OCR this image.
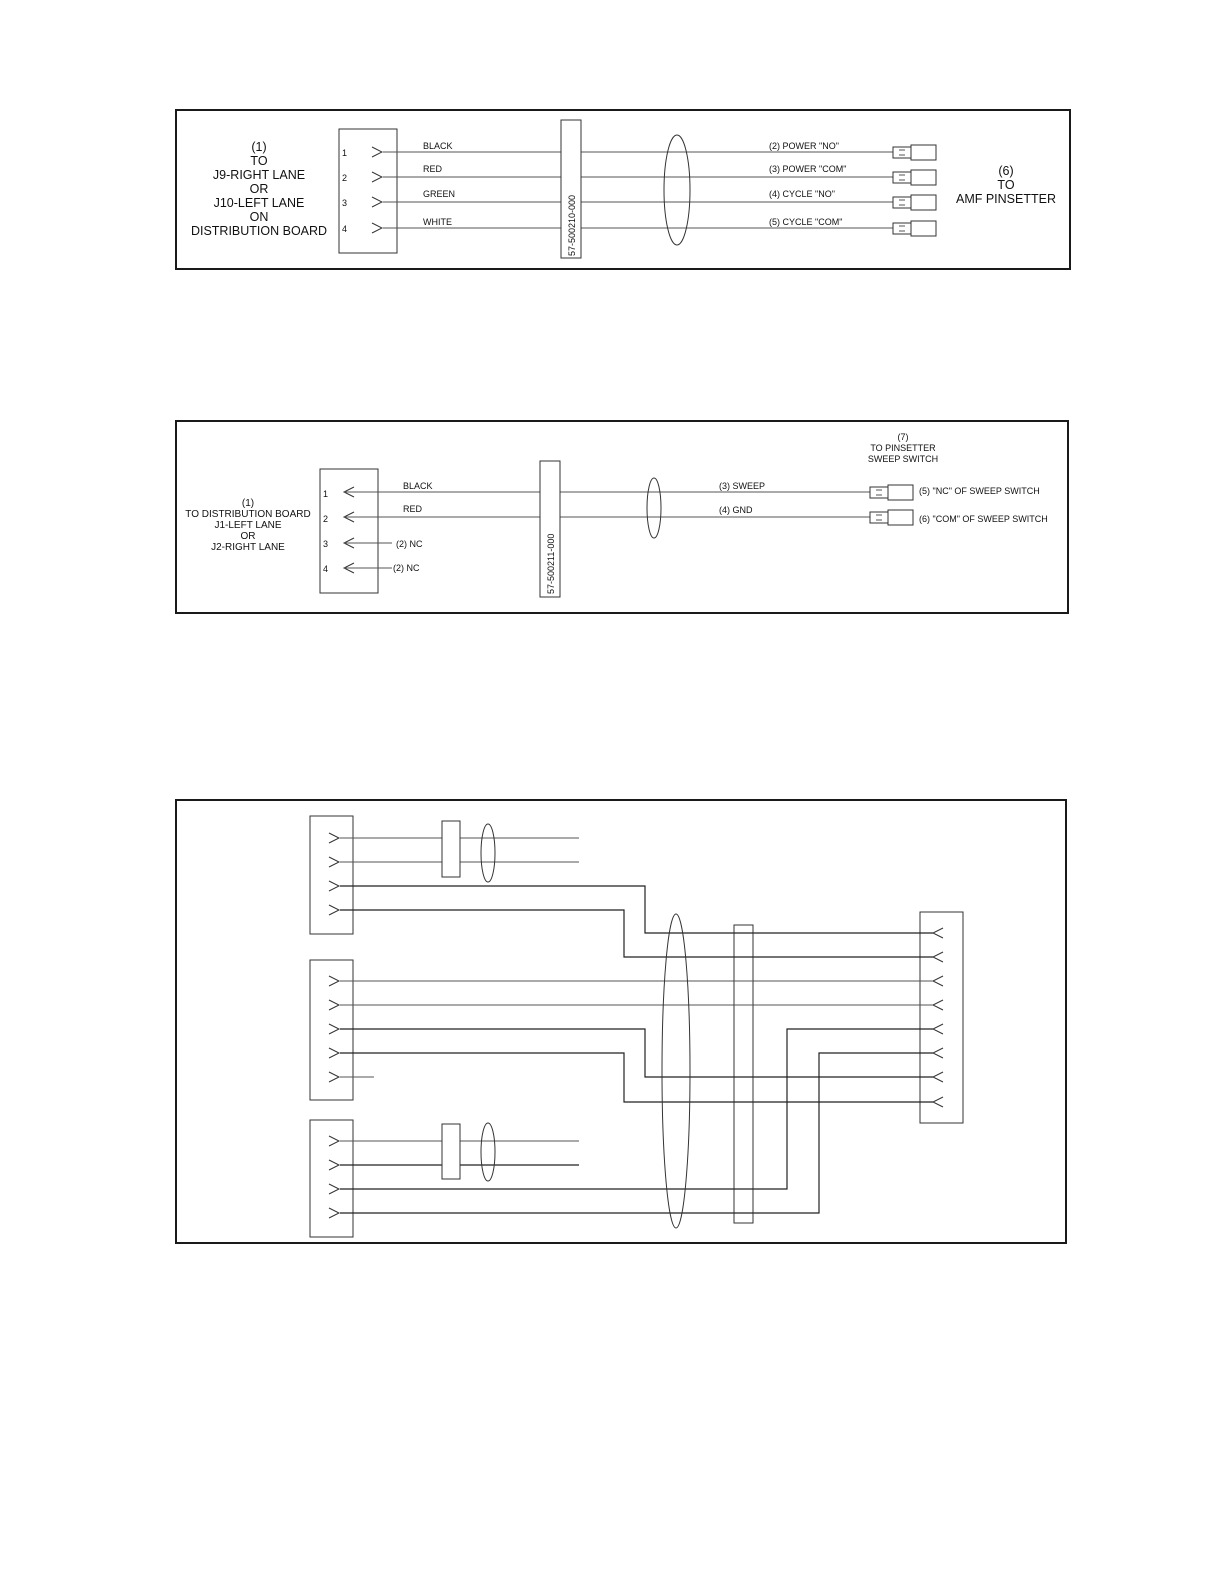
(1)
TO
J9-RIGHT LANE
OR
J10-LEFT LANE
ON
DISTRIBUTION BOARD
1
2
3
4
BLACK
RED
GREEN
WHITE	57-500210-000
(2) POWER "NO"
(3) POWER "COM"
(4) CYCLE "NO"
(5) CYCLE "COM"
(6)
TO
AMF PINSETTER
(1)
TO DISTRIBUTION BOARD
J1-LEFT LANE
OR
J2-RIGHT LANE
1
2
3
4
BLACK
RED
(2) NC
(2) NC	57-500211-000
(3) SWEEP
(4) GND
(7)
TO PINSETTER
SWEEP SWITCH
(5) "NC" OF SWEEP SWITCH
(6) "COM" OF SWEEP SWITCH
